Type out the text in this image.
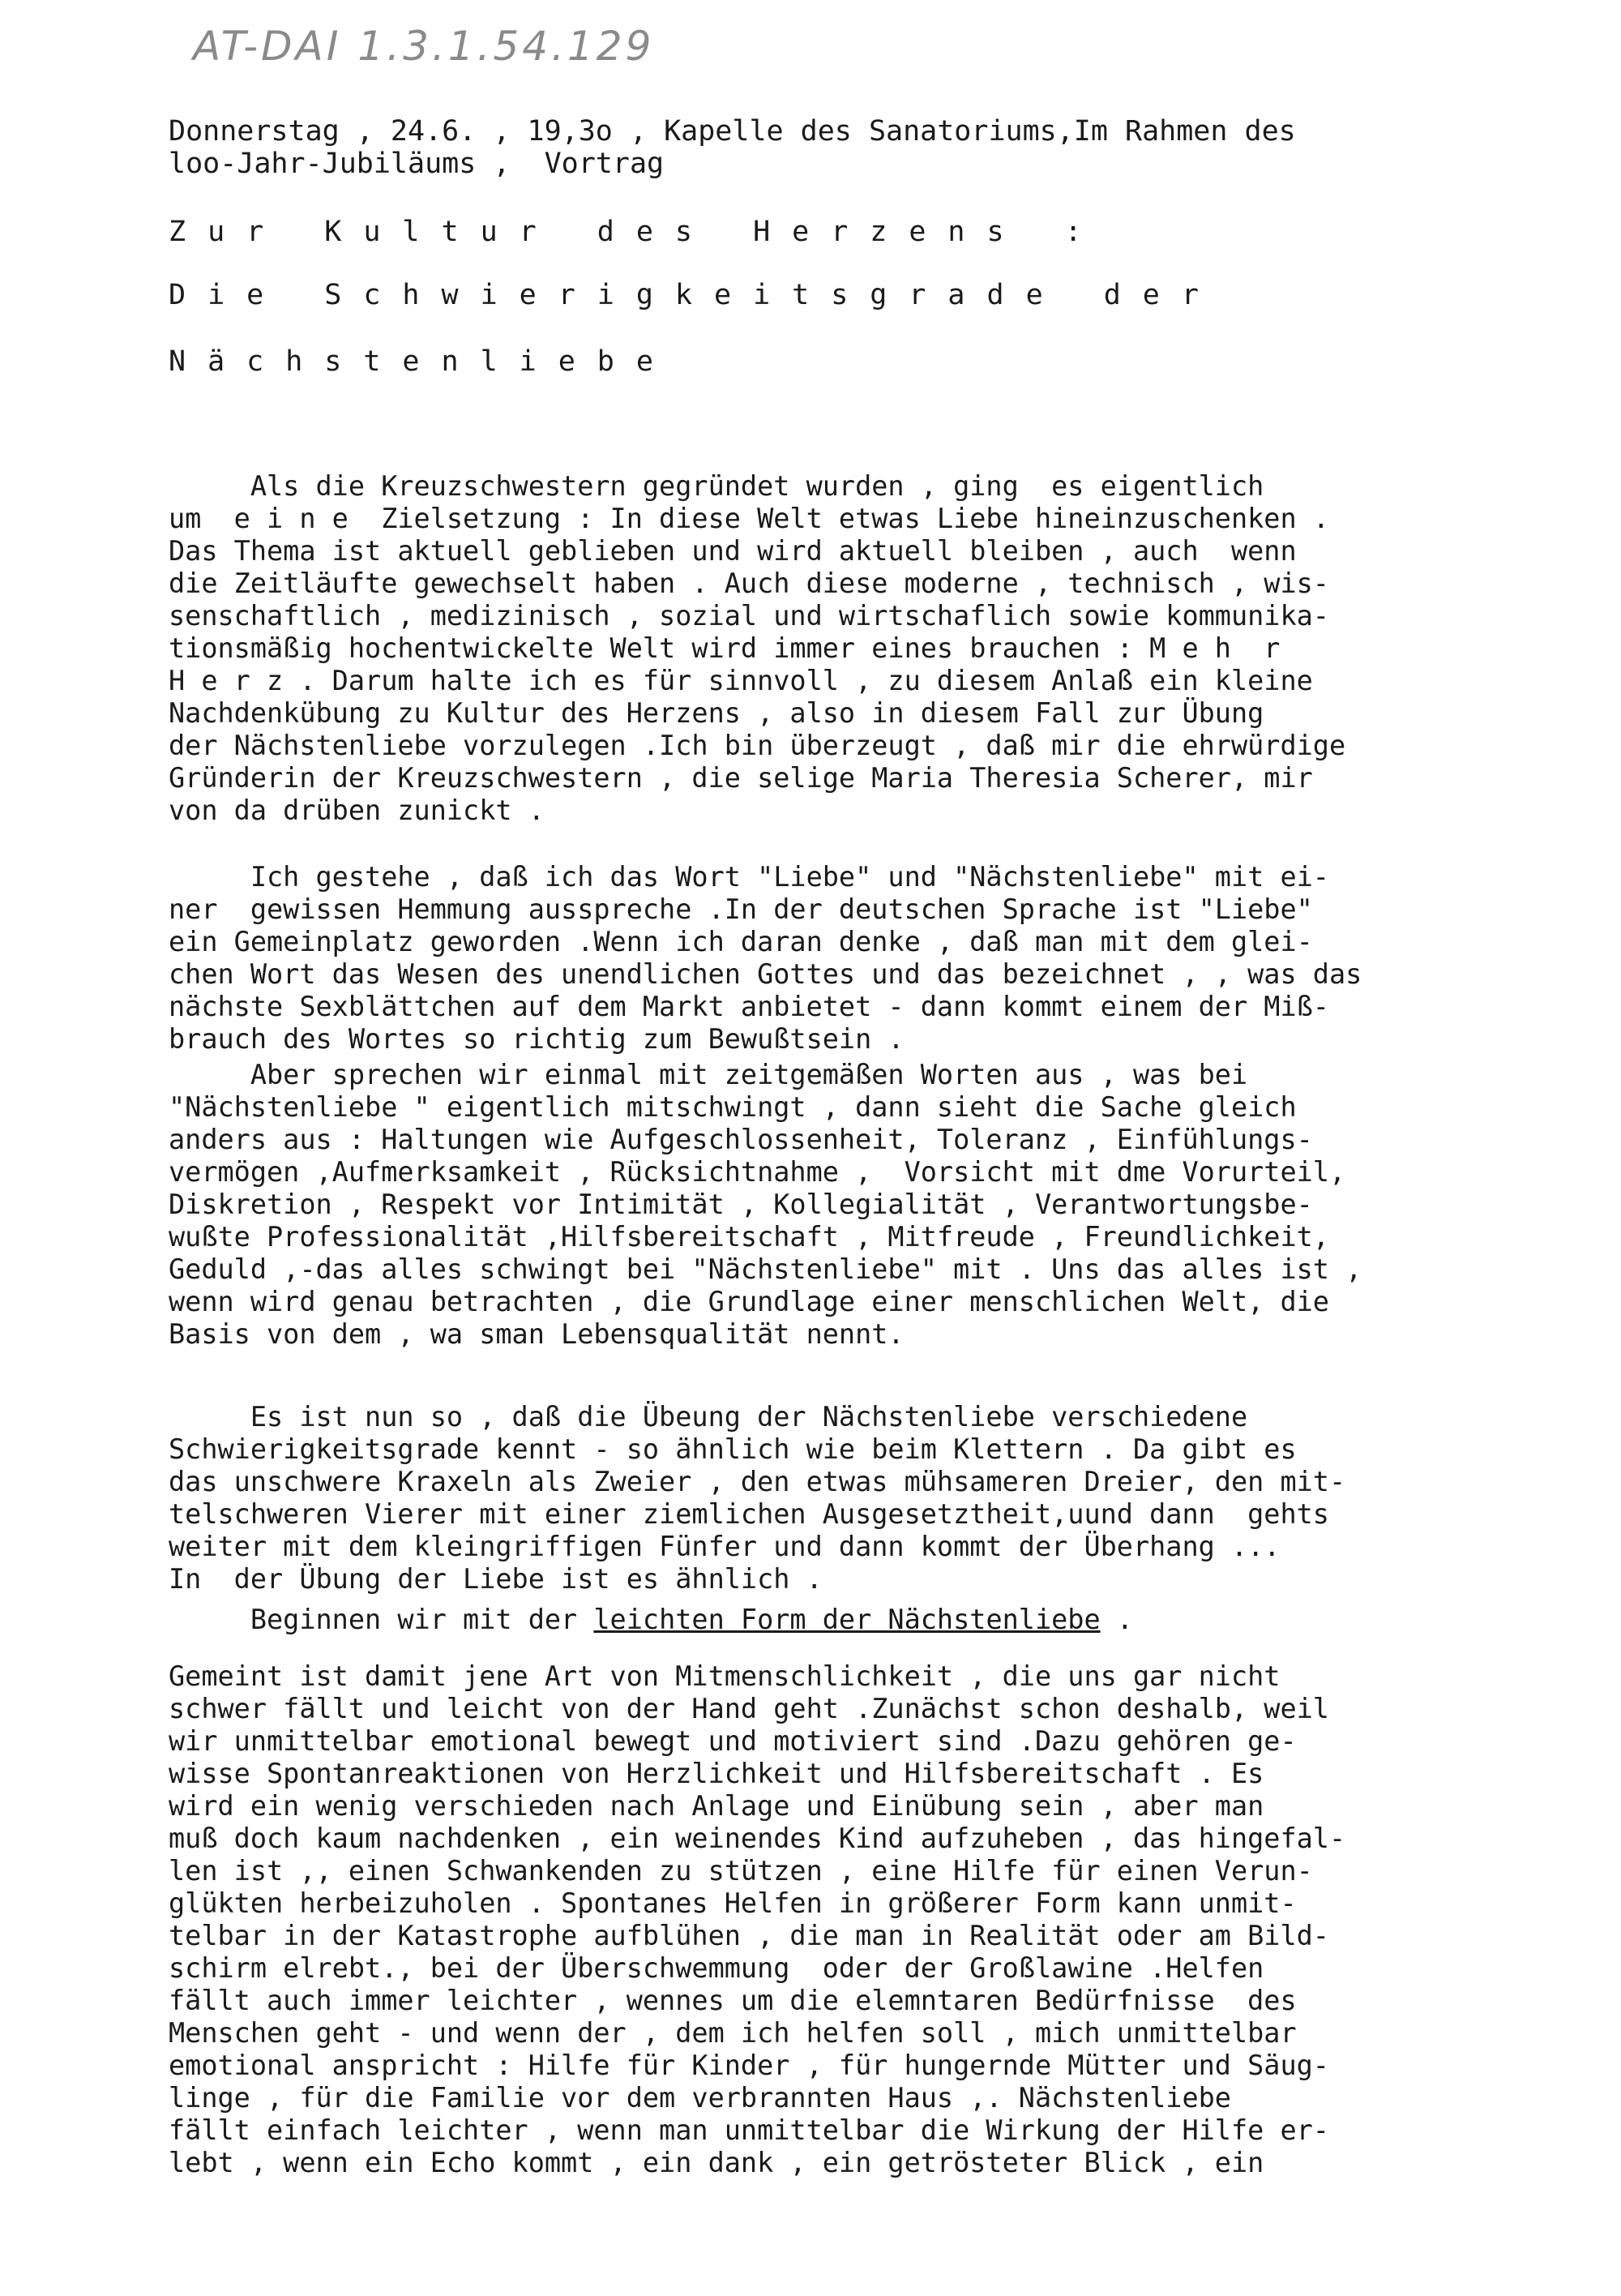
AT-DAI 1.3.1.54.129
Donnerstag , 24.6. , 19,3o , Kapelle des Sanatoriums,Im Rahmen des
loo-Jahr-Jubiläums ,  Vortrag
Zur Kultur des Herzens :
Die Schwierigkeitsgrade der
Nächstenliebe
Als die Kreuzschwestern gegründet wurden , ging  es eigentlich
um  e i n e  Zielsetzung : In diese Welt etwas Liebe hineinzuschenken .
Das Thema ist aktuell geblieben und wird aktuell bleiben , auch  wenn
die Zeitläufte gewechselt haben . Auch diese moderne , technisch , wis-
senschaftlich , medizinisch , sozial und wirtschaflich sowie kommunika-
tionsmäßig hochentwickelte Welt wird immer eines brauchen : M e h  r
H e r z . Darum halte ich es für sinnvoll , zu diesem Anlaß ein kleine
Nachdenkübung zu Kultur des Herzens , also in diesem Fall zur Übung
der Nächstenliebe vorzulegen .Ich bin überzeugt , daß mir die ehrwürdige
Gründerin der Kreuzschwestern , die selige Maria Theresia Scherer, mir
von da drüben zunickt .
Ich gestehe , daß ich das Wort "Liebe" und "Nächstenliebe" mit ei-
ner  gewissen Hemmung ausspreche .In der deutschen Sprache ist "Liebe"
ein Gemeinplatz geworden .Wenn ich daran denke , daß man mit dem glei-
chen Wort das Wesen des unendlichen Gottes und das bezeichnet , , was das
nächste Sexblättchen auf dem Markt anbietet - dann kommt einem der Miß-
brauch des Wortes so richtig zum Bewußtsein .
Aber sprechen wir einmal mit zeitgemäßen Worten aus , was bei
"Nächstenliebe " eigentlich mitschwingt , dann sieht die Sache gleich
anders aus : Haltungen wie Aufgeschlossenheit, Toleranz , Einfühlungs-
vermögen ,Aufmerksamkeit , Rücksichtnahme ,  Vorsicht mit dme Vorurteil,
Diskretion , Respekt vor Intimität , Kollegialität , Verantwortungsbe-
wußte Professionalität ,Hilfsbereitschaft , Mitfreude , Freundlichkeit,
Geduld ,-das alles schwingt bei "Nächstenliebe" mit . Uns das alles ist ,
wenn wird genau betrachten , die Grundlage einer menschlichen Welt, die
Basis von dem , wa sman Lebensqualität nennt.
Es ist nun so , daß die Übeung der Nächstenliebe verschiedene
Schwierigkeitsgrade kennt - so ähnlich wie beim Klettern . Da gibt es
das unschwere Kraxeln als Zweier , den etwas mühsameren Dreier, den mit-
telschweren Vierer mit einer ziemlichen Ausgesetztheit,uund dann  gehts
weiter mit dem kleingriffigen Fünfer und dann kommt der Überhang ...
In  der Übung der Liebe ist es ähnlich .
Beginnen wir mit der leichten Form der Nächstenliebe .
Gemeint ist damit jene Art von Mitmenschlichkeit , die uns gar nicht
schwer fällt und leicht von der Hand geht .Zunächst schon deshalb, weil
wir unmittelbar emotional bewegt und motiviert sind .Dazu gehören ge-
wisse Spontanreaktionen von Herzlichkeit und Hilfsbereitschaft . Es
wird ein wenig verschieden nach Anlage und Einübung sein , aber man
muß doch kaum nachdenken , ein weinendes Kind aufzuheben , das hingefal-
len ist ,, einen Schwankenden zu stützen , eine Hilfe für einen Verun-
glükten herbeizuholen . Spontanes Helfen in größerer Form kann unmit-
telbar in der Katastrophe aufblühen , die man in Realität oder am Bild-
schirm elrebt., bei der Überschwemmung  oder der Großlawine .Helfen
fällt auch immer leichter , wennes um die elemntaren Bedürfnisse  des
Menschen geht - und wenn der , dem ich helfen soll , mich unmittelbar
emotional anspricht : Hilfe für Kinder , für hungernde Mütter und Säug-
linge , für die Familie vor dem verbrannten Haus ,. Nächstenliebe
fällt einfach leichter , wenn man unmittelbar die Wirkung der Hilfe er-
lebt , wenn ein Echo kommt , ein dank , ein getrösteter Blick , ein
